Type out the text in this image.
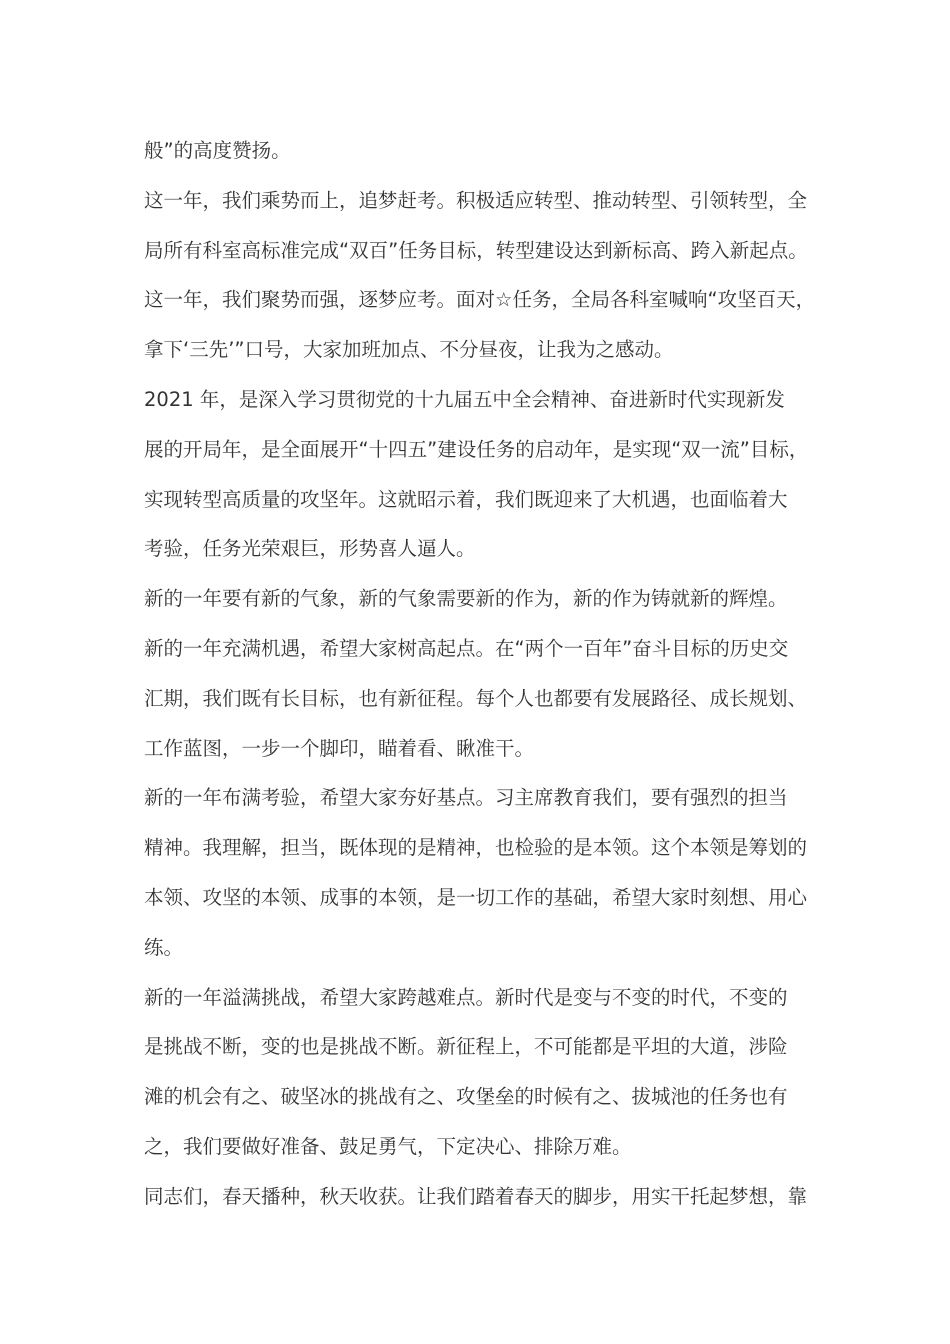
般”的高度赞扬。
这一年，我们乘势而上，追梦赶考。积极适应转型、推动转型、引领转型，全
局所有科室高标准完成“双百”任务目标，转型建设达到新标高、跨入新起点。
这一年，我们聚势而强，逐梦应考。面对☆任务，全局各科室喊响“攻坚百天，
拿下‘三先’”口号，大家加班加点、不分昼夜，让我为之感动。
2021 年，是深入学习贯彻党的十九届五中全会精神、奋进新时代实现新发
展的开局年，是全面展开“十四五”建设任务的启动年，是实现“双一流”目标，
实现转型高质量的攻坚年。这就昭示着，我们既迎来了大机遇，也面临着大
考验，任务光荣艰巨，形势喜人逼人。
新的一年要有新的气象，新的气象需要新的作为，新的作为铸就新的辉煌。
新的一年充满机遇，希望大家树高起点。在“两个一百年”奋斗目标的历史交
汇期，我们既有长目标，也有新征程。每个人也都要有发展路径、成长规划、
工作蓝图，一步一个脚印，瞄着看、瞅准干。
新的一年布满考验，希望大家夯好基点。习主席教育我们，要有强烈的担当
精神。我理解，担当，既体现的是精神，也检验的是本领。这个本领是筹划的
本领、攻坚的本领、成事的本领，是一切工作的基础，希望大家时刻想、用心
练。
新的一年溢满挑战，希望大家跨越难点。新时代是变与不变的时代，不变的
是挑战不断，变的也是挑战不断。新征程上，不可能都是平坦的大道，涉险
滩的机会有之、破坚冰的挑战有之、攻堡垒的时候有之、拔城池的任务也有
之，我们要做好准备、鼓足勇气，下定决心、排除万难。
同志们，春天播种，秋天收获。让我们踏着春天的脚步，用实干托起梦想，靠
